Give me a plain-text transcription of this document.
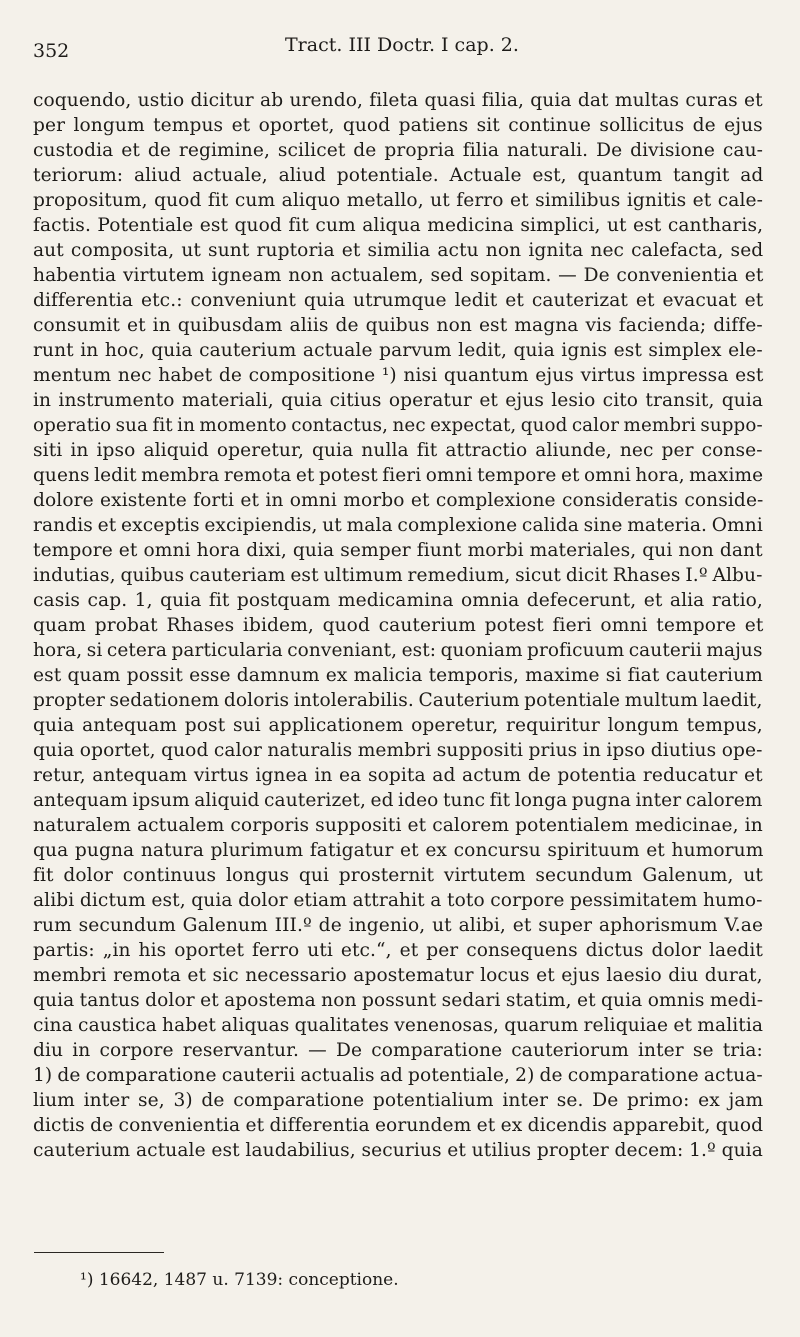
352	Tract. III Doctr. I cap. 2.
coquendo, ustio dicitur ab urendo, fileta quasi filia, quia dat multas curas et
per longum tempus et oportet, quod patiens sit continue sollicitus de ejus
custodia et de regimine, scilicet de propria filia naturali. De divisione cau-
teriorum: aliud actuale, aliud potentiale. Actuale est, quantum tangit ad
propositum, quod fit cum aliquo metallo, ut ferro et similibus ignitis et cale-
factis. Potentiale est quod fit cum aliqua medicina simplici, ut est cantharis,
aut composita, ut sunt ruptoria et similia actu non ignita nec calefacta, sed
habentia virtutem igneam non actualem, sed sopitam. — De convenientia et
differentia etc.: conveniunt quia utrumque ledit et cauterizat et evacuat et
consumit et in quibusdam aliis de quibus non est magna vis facienda; diffe-
runt in hoc, quia cauterium actuale parvum ledit, quia ignis est simplex ele-
mentum nec habet de compositione ¹) nisi quantum ejus virtus impressa est
in instrumento materiali, quia citius operatur et ejus lesio cito transit, quia
operatio sua fit in momento contactus, nec expectat, quod calor membri suppo-
siti in ipso aliquid operetur, quia nulla fit attractio aliunde, nec per conse-
quens ledit membra remota et potest fieri omni tempore et omni hora, maxime
dolore existente forti et in omni morbo et complexione consideratis conside-
randis et exceptis excipiendis, ut mala complexione calida sine materia. Omni
tempore et omni hora dixi, quia semper fiunt morbi materiales, qui non dant
indutias, quibus cauteriam est ultimum remedium, sicut dicit Rhases I.º Albu-
casis cap. 1, quia fit postquam medicamina omnia defecerunt, et alia ratio,
quam probat Rhases ibidem, quod cauterium potest fieri omni tempore et
hora, si cetera particularia conveniant, est: quoniam proficuum cauterii majus
est quam possit esse damnum ex malicia temporis, maxime si fiat cauterium
propter sedationem doloris intolerabilis. Cauterium potentiale multum laedit,
quia antequam post sui applicationem operetur, requiritur longum tempus,
quia oportet, quod calor naturalis membri suppositi prius in ipso diutius ope-
retur, antequam virtus ignea in ea sopita ad actum de potentia reducatur et
antequam ipsum aliquid cauterizet, ed ideo tunc fit longa pugna inter calorem
naturalem actualem corporis suppositi et calorem potentialem medicinae, in
qua pugna natura plurimum fatigatur et ex concursu spirituum et humorum
fit dolor continuus longus qui prosternit virtutem secundum Galenum, ut
alibi dictum est, quia dolor etiam attrahit a toto corpore pessimitatem humo-
rum secundum Galenum III.º de ingenio, ut alibi, et super aphorismum V.ae
partis: „in his oportet ferro uti etc.“, et per consequens dictus dolor laedit
membri remota et sic necessario apostematur locus et ejus laesio diu durat,
quia tantus dolor et apostema non possunt sedari statim, et quia omnis medi-
cina caustica habet aliquas qualitates venenosas, quarum reliquiae et malitia
diu in corpore reservantur. — De comparatione cauteriorum inter se tria:
1) de comparatione cauterii actualis ad potentiale, 2) de comparatione actua-
lium inter se, 3) de comparatione potentialium inter se. De primo: ex jam
dictis de convenientia et differentia eorundem et ex dicendis apparebit, quod
cauterium actuale est laudabilius, securius et utilius propter decem: 1.º quia
¹) 16642, 1487 u. 7139: conceptione.
